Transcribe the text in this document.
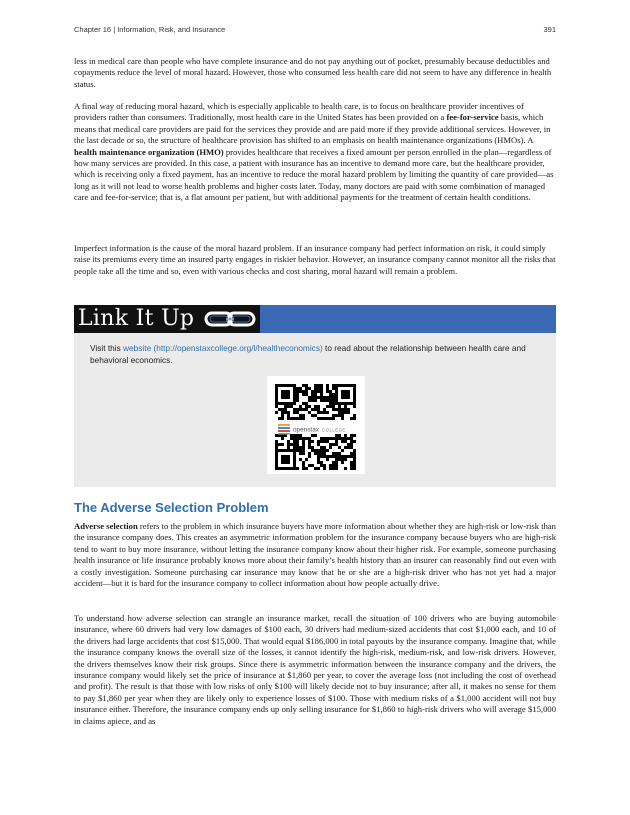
Chapter 16 | Information, Risk, and Insurance	391

less in medical care than people who have complete insurance and do not pay anything out of pocket, presumably because deductibles and copayments reduce the level of moral hazard. However, those who consumed less health care did not seem to have any difference in health status.

A final way of reducing moral hazard, which is especially applicable to health care, is to focus on healthcare provider incentives of providers rather than consumers. Traditionally, most health care in the United States has been provided on a fee-for-service basis, which means that medical care providers are paid for the services they provide and are paid more if they provide additional services. However, in the last decade or so, the structure of healthcare provision has shifted to an emphasis on health maintenance organizations (HMOs). A health maintenance organization (HMO) provides healthcare that receives a fixed amount per person enrolled in the plan—regardless of how many services are provided. In this case, a patient with insurance has an incentive to demand more care, but the healthcare provider, which is receiving only a fixed payment, has an incentive to reduce the moral hazard problem by limiting the quantity of care provided—as long as it will not lead to worse health problems and higher costs later. Today, many doctors are paid with some combination of managed care and fee-for-service; that is, a flat amount per patient, but with additional payments for the treatment of certain health conditions.

Imperfect information is the cause of the moral hazard problem. If an insurance company had perfect information on risk, it could simply raise its premiums every time an insured party engages in riskier behavior. However, an insurance company cannot monitor all the risks that people take all the time and so, even with various checks and cost sharing, moral hazard will remain a problem.

Link It Up
Visit this website (http://openstaxcollege.org/l/healtheconomics) to read about the relationship between health care and behavioral economics.
openstax COLLEGE
The Adverse Selection Problem

Adverse selection refers to the problem in which insurance buyers have more information about whether they are high-risk or low-risk than the insurance company does. This creates an asymmetric information problem for the insurance company because buyers who are high-risk tend to want to buy more insurance, without letting the insurance company know about their higher risk. For example, someone purchasing health insurance or life insurance probably knows more about their family’s health history than an insurer can reasonably find out even with a costly investigation. Someone purchasing car insurance may know that he or she are a high-risk driver who has not yet had a major accident—but it is hard for the insurance company to collect information about how people actually drive.

To understand how adverse selection can strangle an insurance market, recall the situation of 100 drivers who are buying automobile insurance, where 60 drivers had very low damages of $100 each, 30 drivers had medium-sized accidents that cost $1,000 each, and 10 of the drivers had large accidents that cost $15,000. That would equal $186,000 in total payouts by the insurance company. Imagine that, while the insurance company knows the overall size of the losses, it cannot identify the high-risk, medium-risk, and low-risk drivers. However, the drivers themselves know their risk groups. Since there is asymmetric information between the insurance company and the drivers, the insurance company would likely set the price of insurance at $1,860 per year, to cover the average loss (not including the cost of overhead and profit). The result is that those with low risks of only $100 will likely decide not to buy insurance; after all, it makes no sense for them to pay $1,860 per year when they are likely only to experience losses of $100. Those with medium risks of a $1,000 accident will not buy insurance either. Therefore, the insurance company ends up only selling insurance for $1,860 to high-risk drivers who will average $15,000 in claims apiece, and as
